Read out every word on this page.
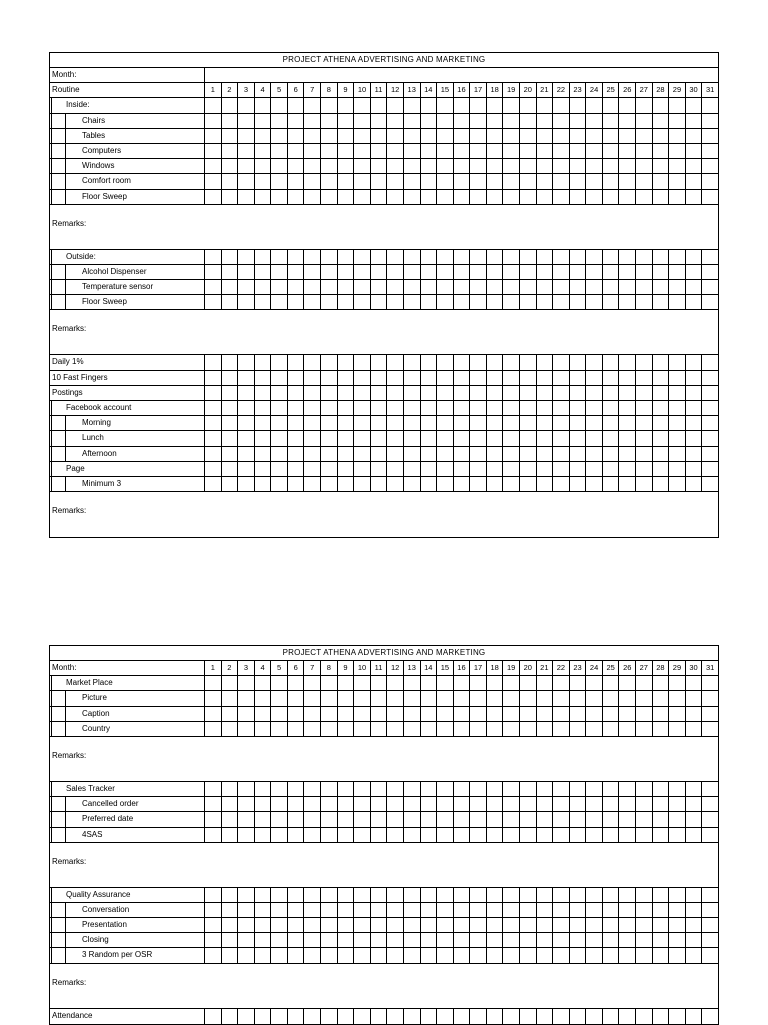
PROJECT ATHENA ADVERTISING AND MARKETING
Month:
Routine	1	2	3	4	5	6	7	8	9	10	11	12	13	14	15	16	17	18	19	20	21	22	23	24	25	26	27	28	29	30	31
Inside:
Chairs
Tables
Computers
Windows
Comfort room
Floor Sweep
Remarks:
Outside:
Alcohol Dispenser
Temperature sensor
Floor Sweep
Remarks:
Daily 1%
10 Fast Fingers
Postings
Facebook account
Morning
Lunch
Afternoon
Page
Minimum 3
Remarks:
PROJECT ATHENA ADVERTISING AND MARKETING
Month:	1	2	3	4	5	6	7	8	9	10	11	12	13	14	15	16	17	18	19	20	21	22	23	24	25	26	27	28	29	30	31
Market Place
Picture
Caption
Country
Remarks:
Sales Tracker
Cancelled order
Preferred date
4SAS
Remarks:
Quality Assurance
Conversation
Presentation
Closing
3 Random per OSR
Remarks:
Attendance
